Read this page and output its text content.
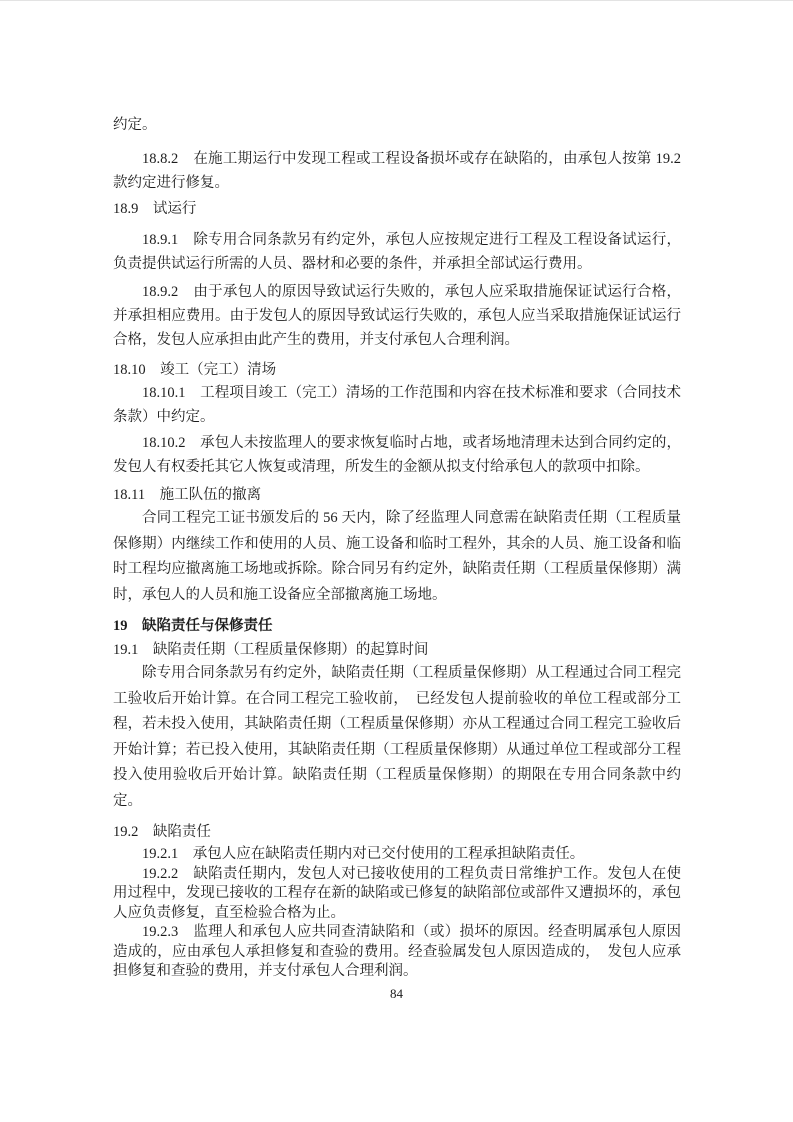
约定。

18.8.2　在施工期运行中发现工程或工程设备损坏或存在缺陷的，由承包人按第 19.2 款约定进行修复。

18.9　试运行

18.9.1　除专用合同条款另有约定外，承包人应按规定进行工程及工程设备试运行，负责提供试运行所需的人员、器材和必要的条件，并承担全部试运行费用。

18.9.2　由于承包人的原因导致试运行失败的，承包人应采取措施保证试运行合格，并承担相应费用。由于发包人的原因导致试运行失败的，承包人应当采取措施保证试运行合格，发包人应承担由此产生的费用，并支付承包人合理利润。

18.10　竣工（完工）清场

18.10.1　工程项目竣工（完工）清场的工作范围和内容在技术标准和要求（合同技术条款）中约定。

18.10.2　承包人未按监理人的要求恢复临时占地，或者场地清理未达到合同约定的，发包人有权委托其它人恢复或清理，所发生的金额从拟支付给承包人的款项中扣除。

18.11　施工队伍的撤离

合同工程完工证书颁发后的 56 天内，除了经监理人同意需在缺陷责任期（工程质量保修期）内继续工作和使用的人员、施工设备和临时工程外，其余的人员、施工设备和临时工程均应撤离施工场地或拆除。除合同另有约定外，缺陷责任期（工程质量保修期）满时，承包人的人员和施工设备应全部撤离施工场地。

19　缺陷责任与保修责任

19.1　缺陷责任期（工程质量保修期）的起算时间

除专用合同条款另有约定外，缺陷责任期（工程质量保修期）从工程通过合同工程完工验收后开始计算。在合同工程完工验收前，　已经发包人提前验收的单位工程或部分工程，若未投入使用，其缺陷责任期（工程质量保修期）亦从工程通过合同工程完工验收后开始计算；若已投入使用，其缺陷责任期（工程质量保修期）从通过单位工程或部分工程投入使用验收后开始计算。缺陷责任期（工程质量保修期）的期限在专用合同条款中约定。

19.2　缺陷责任

19.2.1　承包人应在缺陷责任期内对已交付使用的工程承担缺陷责任。

19.2.2　缺陷责任期内，发包人对已接收使用的工程负责日常维护工作。发包人在使用过程中，发现已接收的工程存在新的缺陷或已修复的缺陷部位或部件又遭损坏的，承包人应负责修复，直至检验合格为止。

19.2.3　监理人和承包人应共同查清缺陷和（或）损坏的原因。经查明属承包人原因造成的，应由承包人承担修复和查验的费用。经查验属发包人原因造成的，　发包人应承担修复和查验的费用，并支付承包人合理利润。

84
